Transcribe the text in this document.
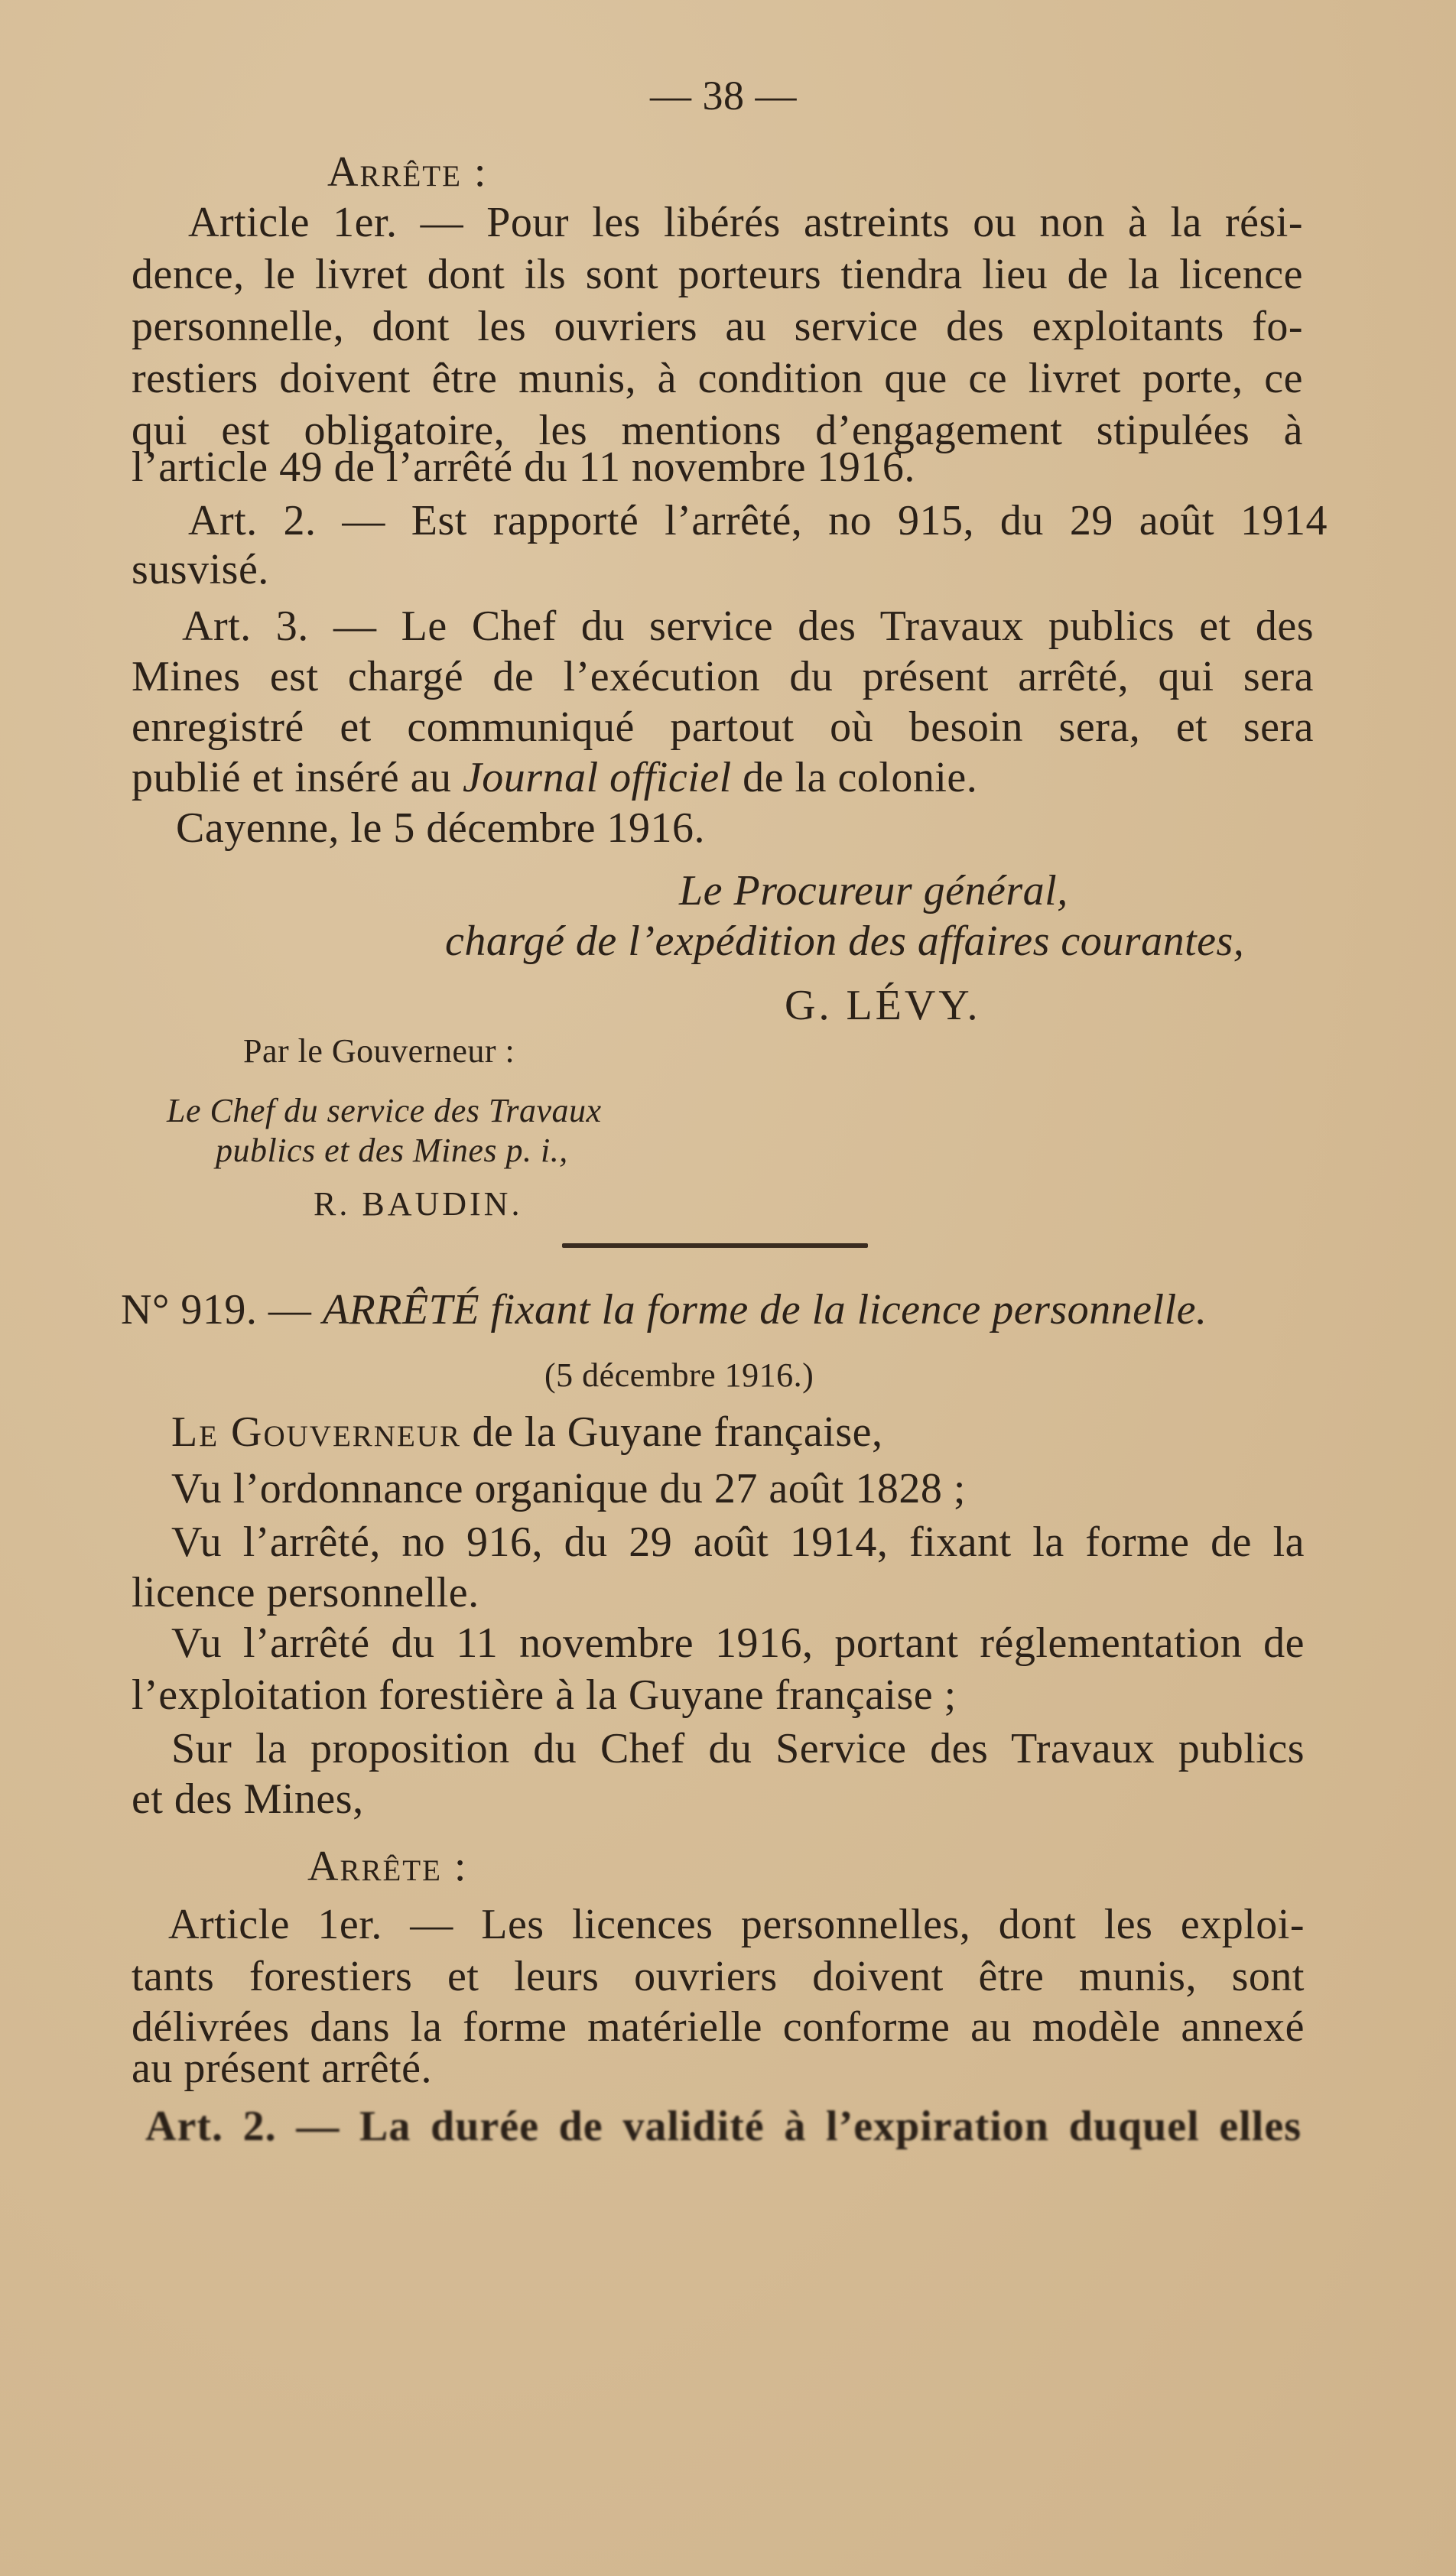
— 38 —
Arrête :
Article 1er. — Pour les libérés astreints ou non à la rési-
dence, le livret dont ils sont porteurs tiendra lieu de la licence
personnelle, dont les ouvriers au service des exploitants fo-
restiers doivent être munis, à condition que ce livret porte, ce
qui est obligatoire, les mentions d’engagement stipulées à
l’article 49 de l’arrêté du 11 novembre 1916.
Art. 2. — Est rapporté l’arrêté, no 915, du 29 août 1914
susvisé.
Art. 3. — Le Chef du service des Travaux publics et des
Mines est chargé de l’exécution du présent arrêté, qui sera
enregistré et communiqué partout où besoin sera, et sera
publié et inséré au Journal officiel de la colonie.
Cayenne, le 5 décembre 1916.
Le Procureur général,
chargé de l’expédition des affaires courantes,
G. LÉVY.
Par le Gouverneur :
Le Chef du service des Travaux
publics et des Mines p. i.,
R. BAUDIN.
N° 919. — ARRÊTÉ fixant la forme de la licence personnelle.
(5 décembre 1916.)
Le Gouverneur de la Guyane française,
Vu l’ordonnance organique du 27 août 1828 ;
Vu l’arrêté, no 916, du 29 août 1914, fixant la forme de la
licence personnelle.
Vu l’arrêté du 11 novembre 1916, portant réglementation de
l’exploitation forestière à la Guyane française ;
Sur la proposition du Chef du Service des Travaux publics
et des Mines,
Arrête :
Article 1er. — Les licences personnelles, dont les exploi-
tants forestiers et leurs ouvriers doivent être munis, sont
délivrées dans la forme matérielle conforme au modèle annexé
au présent arrêté.
Art. 2. — La durée de validité à l’expiration duquel elles
